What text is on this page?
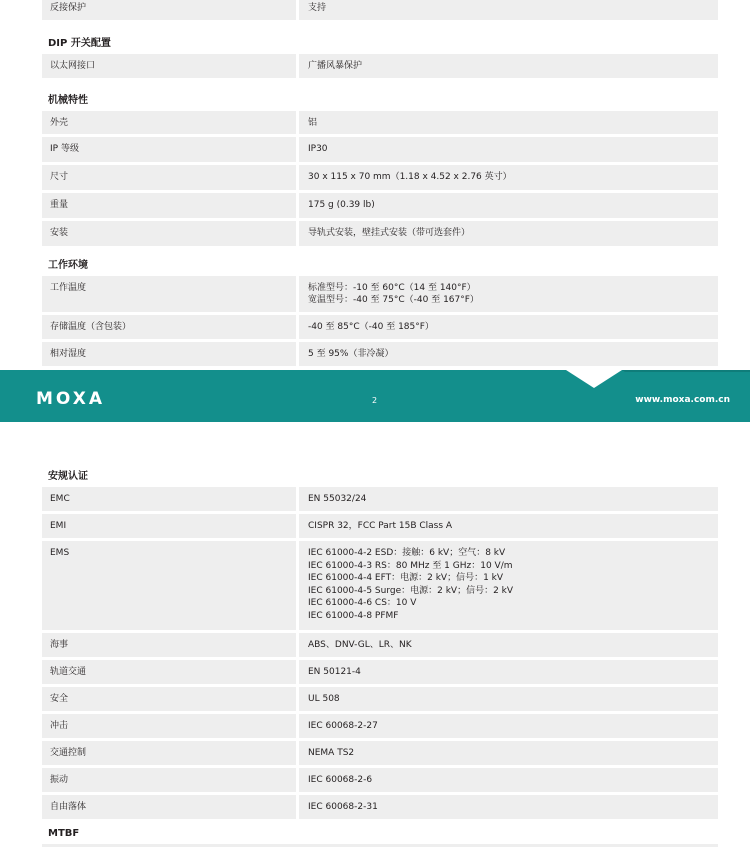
反接保护	支持
DIP 开关配置
以太网接口	广播风暴保护
机械特性
外壳	铝
IP 等级	IP30
尺寸	30 x 115 x 70 mm（1.18 x 4.52 x 2.76 英寸）
重量	175 g (0.39 lb)
安装	导轨式安装，壁挂式安装（带可选套件）
工作环境
工作温度	标准型号：-10 至 60°C（14 至 140°F）
宽温型号：-40 至 75°C（-40 至 167°F）
存储温度（含包装）	-40 至 85°C（-40 至 185°F）
相对湿度	5 至 95%（非冷凝）
MOXA	2	www.moxa.com.cn
安规认证
EMC	EN 55032/24
EMI	CISPR 32，FCC Part 15B Class A
EMS	IEC 61000-4-2 ESD：接触：6 kV；空气：8 kV
IEC 61000-4-3 RS：80 MHz 至 1 GHz：10 V/m
IEC 61000-4-4 EFT：电源：2 kV；信号：1 kV
IEC 61000-4-5 Surge：电源：2 kV；信号：2 kV
IEC 61000-4-6 CS：10 V
IEC 61000-4-8 PFMF
海事	ABS、DNV-GL、LR、NK
轨道交通	EN 50121-4
安全	UL 508
冲击	IEC 60068-2-27
交通控制	NEMA TS2
振动	IEC 60068-2-6
自由落体	IEC 60068-2-31
MTBF
